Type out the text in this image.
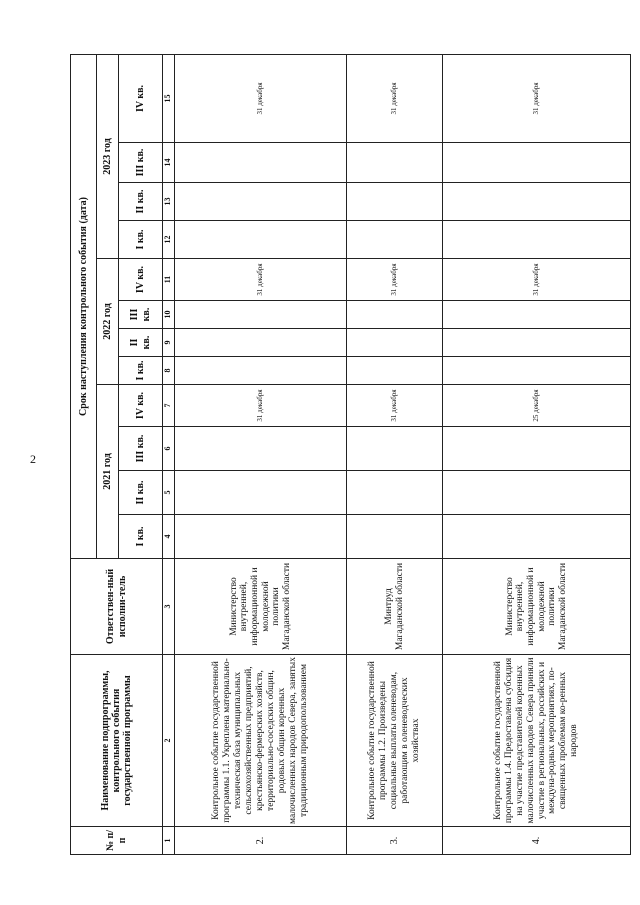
2
№ п/п	Наименование подпрограммы, контрольного события государственной программы	Ответствен-ный исполни-тель	Срок наступления контрольного события (дата)											
			2021 год				2022 год				2023 год			
			I кв.	II кв.	III кв.	IV кв.	I кв.	II кв.	III кв.	IV кв.	I кв.	II кв.	III кв.	IV кв.
1	2	3	4	5	6	7	8	9	10	11	12	13	14	15
2.	Контрольное событие государственной программы 1.1. Укреплена материально-техническая база муниципальных сельскохозяйственных предприятий, крестьянско-фермерских хозяйств, территориально-соседских общин, родовых общин коренных малочисленных народов Севера, занятых традиционным природопользованием	Министерство внутренней, информационной и молодежной политики Магаданской области				31 декабря				31 декабря				31 декабря
3.	Контрольное событие государственной программы 1.2. Произведены социальные выплаты оленеводам, работающим в оленеводческих хозяйствах	Минтруд Магаданской области				31 декабря				31 декабря				31 декабря
4.	Контрольное событие государственной программы 1.4. Предоставлена субсидия на участие представителей коренных малочисленных народов Севера приняли участие в региональных, российских и междуна-родных мероприятиях, по-священных проблемам ко-ренных народов	Министерство внутренней, информационной и молодежной политики Магаданской области				25 декабря				31 декабря				31 декабря
